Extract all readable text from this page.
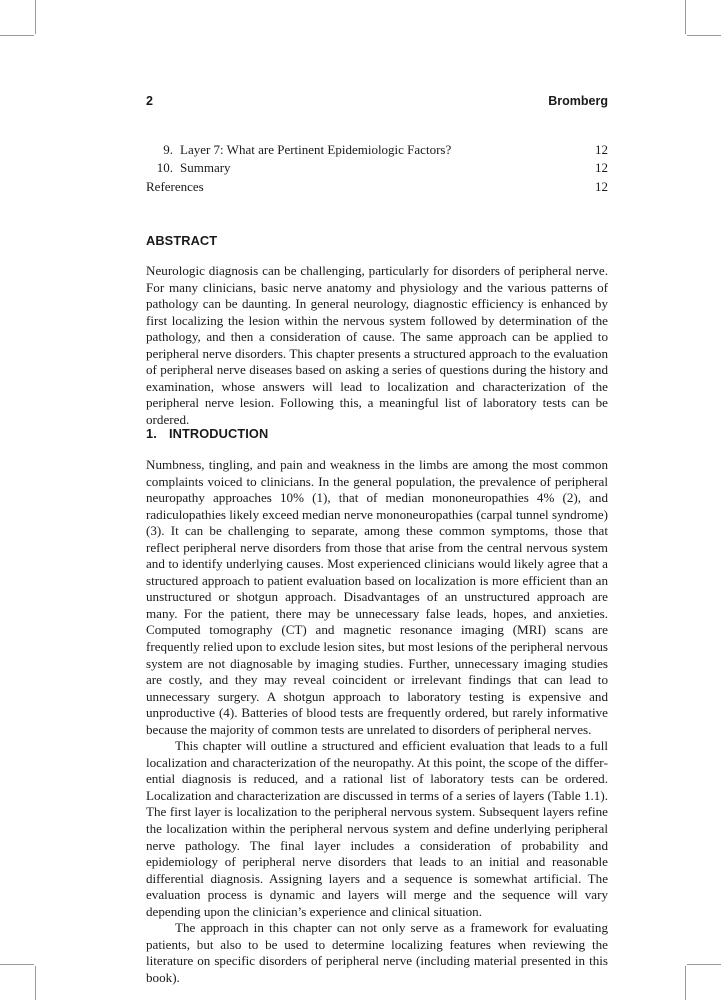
2	Bromberg
9. Layer 7: What are Pertinent Epidemiologic Factors?	12
10. Summary	12
References	12
ABSTRACT

Neurologic diagnosis can be challenging, particularly for disorders of peripheral nerve. For many clinicians, basic nerve anatomy and physiology and the various patterns of pathology can be daunting. In general neurology, diagnostic efficiency is enhanced by first localizing the lesion within the nervous system followed by determination of the pathology, and then a consideration of cause. The same approach can be applied to peripheral nerve disorders. This chapter presents a structured approach to the evaluation of peripheral nerve diseases based on asking a series of questions during the history and examination, whose answers will lead to localization and characterization of the peripheral nerve lesion. Following this, a meaningful list of laboratory tests can be ordered.

1. INTRODUCTION

Numbness, tingling, and pain and weakness in the limbs are among the most common complaints voiced to clinicians. In the general population, the prevalence of peripheral neuropathy approaches 10% (1), that of median mononeuropathies 4% (2), and radiculopathies likely exceed median nerve mononeuropathies (carpal tunnel syndrome) (3). It can be challenging to separate, among these common symptoms, those that reflect peripheral nerve disorders from those that arise from the central nervous system and to identify underlying causes. Most experienced clinicians would likely agree that a structured approach to patient evaluation based on localization is more efficient than an unstructured or shotgun approach. Disadvantages of an unstructured approach are many. For the patient, there may be unnecessary false leads, hopes, and anxieties. Computed tomography (CT) and magnetic resonance imaging (MRI) scans are frequently relied upon to exclude lesion sites, but most lesions of the peripheral nervous system are not diagnosable by imaging studies. Further, unnecessary imaging studies are costly, and they may reveal coincident or irrelevant findings that can lead to unnecessary surgery. A shotgun approach to laboratory testing is expensive and unproductive (4). Batteries of blood tests are frequently ordered, but rarely informative because the majority of common tests are unrelated to disorders of peripheral nerves.

This chapter will outline a structured and efficient evaluation that leads to a full localization and characterization of the neuropathy. At this point, the scope of the differential diagnosis is reduced, and a rational list of laboratory tests can be ordered. Localization and characterization are discussed in terms of a series of layers (Table 1.1). The first layer is localization to the peripheral nervous system. Subsequent layers refine the localization within the peripheral nervous system and define underlying peripheral nerve pathology. The final layer includes a consideration of probability and epidemiology of peripheral nerve disorders that leads to an initial and reasonable differential diagnosis. Assigning layers and a sequence is somewhat artificial. The evaluation process is dynamic and layers will merge and the sequence will vary depending upon the clinician’s experience and clinical situation.

The approach in this chapter can not only serve as a framework for evaluating patients, but also to be used to determine localizing features when reviewing the literature on specific disorders of peripheral nerve (including material presented in this book).
